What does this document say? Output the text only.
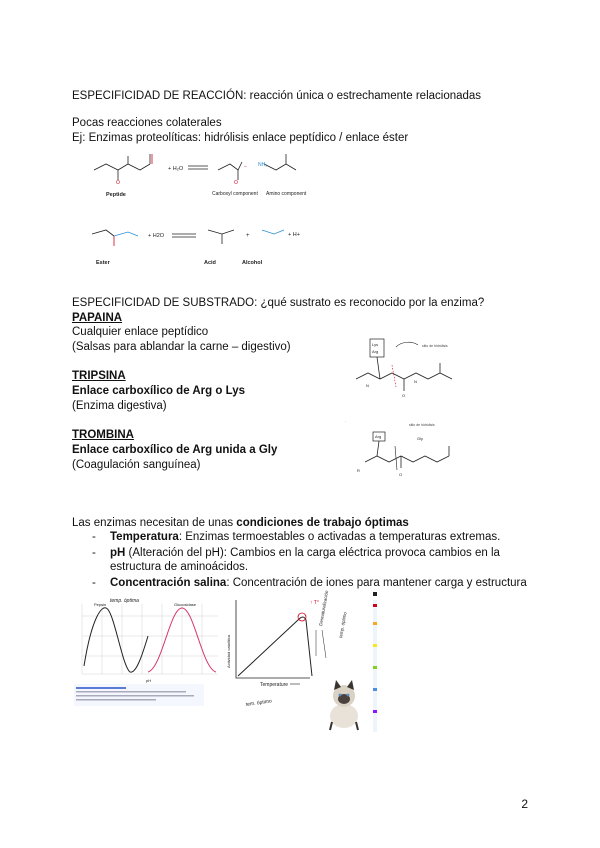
ESPECIFICIDAD DE REACCIÓN: reacción única o estrechamente relacionadas
Pocas reacciones colaterales
Ej: Enzimas proteolíticas: hidrólisis enlace peptídico / enlace éster
O	O
− NH₂
+ H₂O
Peptide	Carboxyl component Amino component
+ H2O	+	+ H+
Ester	Acid	Alcohol
ESPECIFICIDAD DE SUBSTRADO: ¿qué sustrato es reconocido por la enzima?
PAPAINA
Cualquier enlace peptídico
(Salsas para ablandar la carne – digestivo)
TRIPSINA
Enlace carboxílico de Arg o Lys
(Enzima digestiva)
TROMBINA
Enlace carboxílico de Arg unida a Gly
(Coagulación sanguínea)
Lys
Arg
sitio de hidrólisis
N
N
O
.
sitio de hidrólisis
Arg	Gly
R
O
Las enzimas necesitan de unas condiciones de trabajo óptimas
- Temperatura: Enzimas termoestables o activadas a temperaturas extremas.
- pH (Alteración del pH): Cambios en la carga eléctrica provoca cambios en la estructura de aminoácidos.
- Concentración salina: Concentración de iones para mantener carga y estructura
Pepsin	Glucosidase
pH
temp. óptima
Actividad catalítica
↑ T°
Temperature
Desnaturalización temp. óptimo
tem. óptimo
2
